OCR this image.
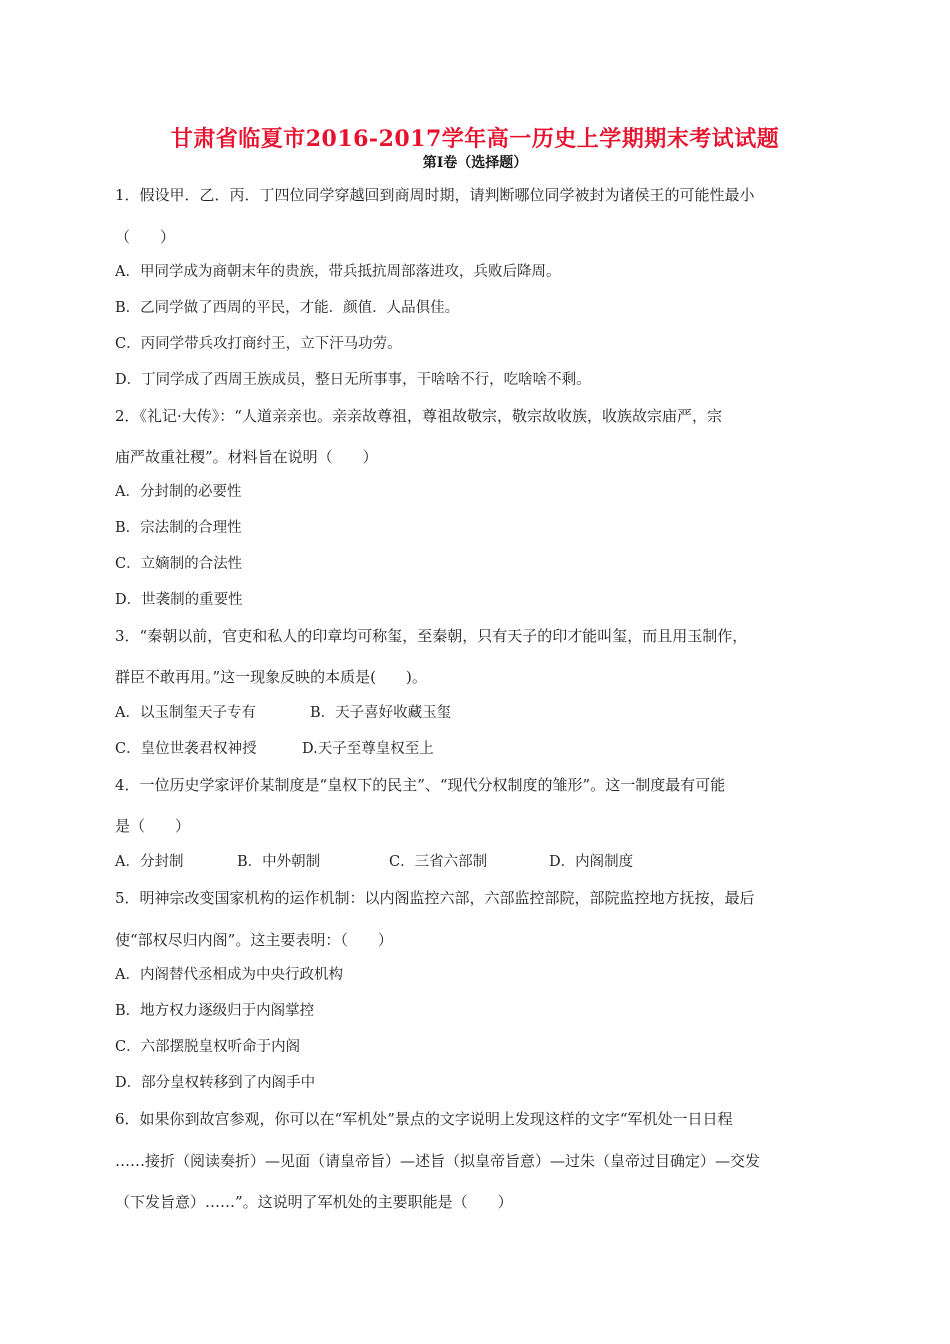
甘肃省临夏市2016-2017学年高一历史上学期期末考试试题
第Ⅰ卷（选择题）
1．假设甲．乙．丙．丁四位同学穿越回到商周时期，请判断哪位同学被封为诸侯王的可能性最小
（　　）
A．甲同学成为商朝末年的贵族，带兵抵抗周部落进攻，兵败后降周。
B．乙同学做了西周的平民，才能．颜值．人品俱佳。
C．丙同学带兵攻打商纣王，立下汗马功劳。
D．丁同学成了西周王族成员，整日无所事事，干啥啥不行，吃啥啥不剩。
2．《礼记·大传》：“人道亲亲也。亲亲故尊祖，尊祖故敬宗，敬宗故收族，收族故宗庙严，宗
庙严故重社稷”。材料旨在说明（　　）
A．分封制的必要性
B．宗法制的合理性
C．立嫡制的合法性
D．世袭制的重要性
3．“秦朝以前，官吏和私人的印章均可称玺，至秦朝，只有天子的印才能叫玺，而且用玉制作，
群臣不敢再用。”这一现象反映的本质是(　　)。
A．以玉制玺天子专有	B．天子喜好收藏玉玺
C．皇位世袭君权神授	D.天子至尊皇权至上
4．一位历史学家评价某制度是“皇权下的民主”、“现代分权制度的雏形”。这一制度最有可能
是（　　）
A．分封制	B．中外朝制	C．三省六部制	D．内阁制度
5．明神宗改变国家机构的运作机制：以内阁监控六部，六部监控部院，部院监控地方抚按，最后
使“部权尽归内阁”。这主要表明：（　　）
A．内阁替代丞相成为中央行政机构
B．地方权力逐级归于内阁掌控
C．六部摆脱皇权听命于内阁
D．部分皇权转移到了内阁手中
6．如果你到故宫参观，你可以在“军机处”景点的文字说明上发现这样的文字“军机处一日日程
……接折（阅读奏折）—见面（请皇帝旨）—述旨（拟皇帝旨意）—过朱（皇帝过目确定）—交发
（下发旨意）……”。这说明了军机处的主要职能是（　　）
